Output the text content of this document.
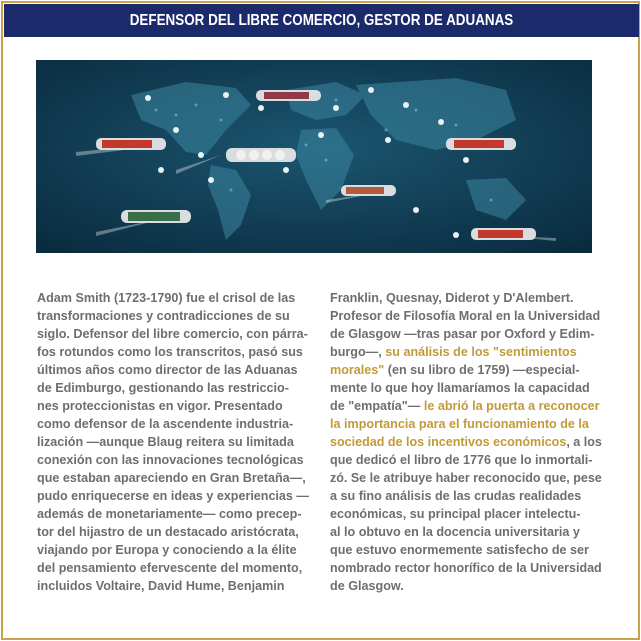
DEFENSOR DEL LIBRE COMERCIO, GESTOR DE ADUANAS
Adam Smith (1723-1790) fue el crisol de las
transformaciones y contradicciones de su
siglo. Defensor del libre comercio, con párra-
fos rotundos como los transcritos, pasó sus
últimos años como director de las Aduanas
de Edimburgo, gestionando las restriccio-
nes proteccionistas en vigor. Presentado
como defensor de la ascendente industria-
lización —aunque Blaug reitera su limitada
conexión con las innovaciones tecnológicas
que estaban apareciendo en Gran Bretaña—,
pudo enriquecerse en ideas y experiencias —
además de monetariamente— como precep-
tor del hijastro de un destacado aristócrata,
viajando por Europa y conociendo a la élite
del pensamiento efervescente del momento,
incluidos Voltaire, David Hume, Benjamin
Franklin, Quesnay, Diderot y D'Alembert.
Profesor de Filosofía Moral en la Universidad
de Glasgow —tras pasar por Oxford y Edim-
burgo—, su análisis de los "sentimientos
morales" (en su libro de 1759) —especial-
mente lo que hoy llamaríamos la capacidad
de "empatía"— le abrió la puerta a reconocer
la importancia para el funcionamiento de la
sociedad de los incentivos económicos, a los
que dedicó el libro de 1776 que lo inmortali-
zó. Se le atribuye haber reconocido que, pese
a su fino análisis de las crudas realidades
económicas, su principal placer intelectu-
al lo obtuvo en la docencia universitaria y
que estuvo enormemente satisfecho de ser
nombrado rector honorífico de la Universidad
de Glasgow.
